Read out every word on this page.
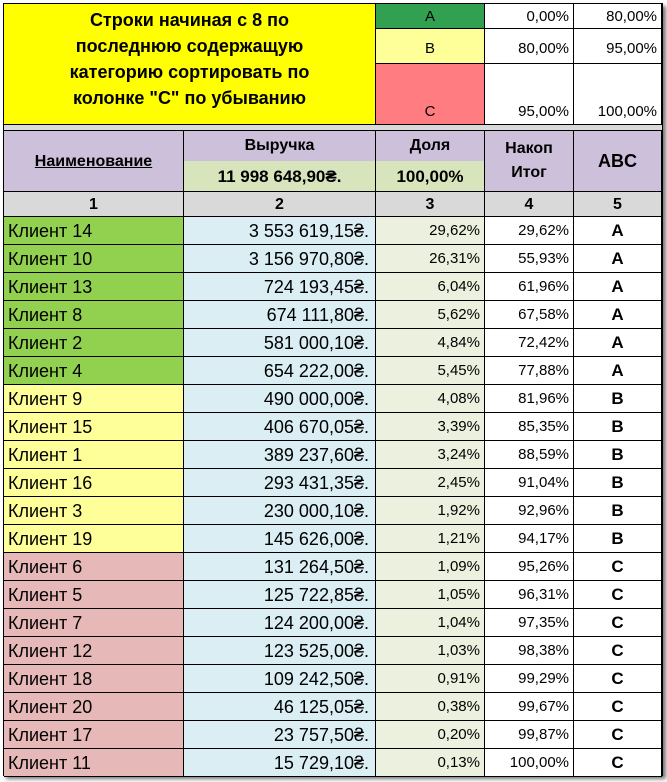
Строки начиная с 8 по
последнюю содержащую
категорию сортировать по
колонке "С" по убыванию
A	0,00%	80,00%
B	80,00%	95,00%
C	95,00%	100,00%
Наименование
Выручка	Доля	Накоп
Итог
ABC
11 998 648,90₴.	100,00%
1	2	3	4	5
Клиент 14	3 553 619,15₴.	29,62%	29,62%	A
Клиент 10	3 156 970,80₴.	26,31%	55,93%	A
Клиент 13	724 193,45₴.	6,04%	61,96%	A
Клиент 8	674 111,80₴.	5,62%	67,58%	A
Клиент 2	581 000,10₴.	4,84%	72,42%	A
Клиент 4	654 222,00₴.	5,45%	77,88%	A
Клиент 9	490 000,00₴.	4,08%	81,96%	B
Клиент 15	406 670,05₴.	3,39%	85,35%	B
Клиент 1	389 237,60₴.	3,24%	88,59%	B
Клиент 16	293 431,35₴.	2,45%	91,04%	B
Клиент 3	230 000,10₴.	1,92%	92,96%	B
Клиент 19	145 626,00₴.	1,21%	94,17%	B
Клиент 6	131 264,50₴.	1,09%	95,26%	C
Клиент 5	125 722,85₴.	1,05%	96,31%	C
Клиент 7	124 200,00₴.	1,04%	97,35%	C
Клиент 12	123 525,00₴.	1,03%	98,38%	C
Клиент 18	109 242,50₴.	0,91%	99,29%	C
Клиент 20	46 125,05₴.	0,38%	99,67%	C
Клиент 17	23 757,50₴.	0,20%	99,87%	C
Клиент 11	15 729,10₴.	0,13%	100,00%	C
